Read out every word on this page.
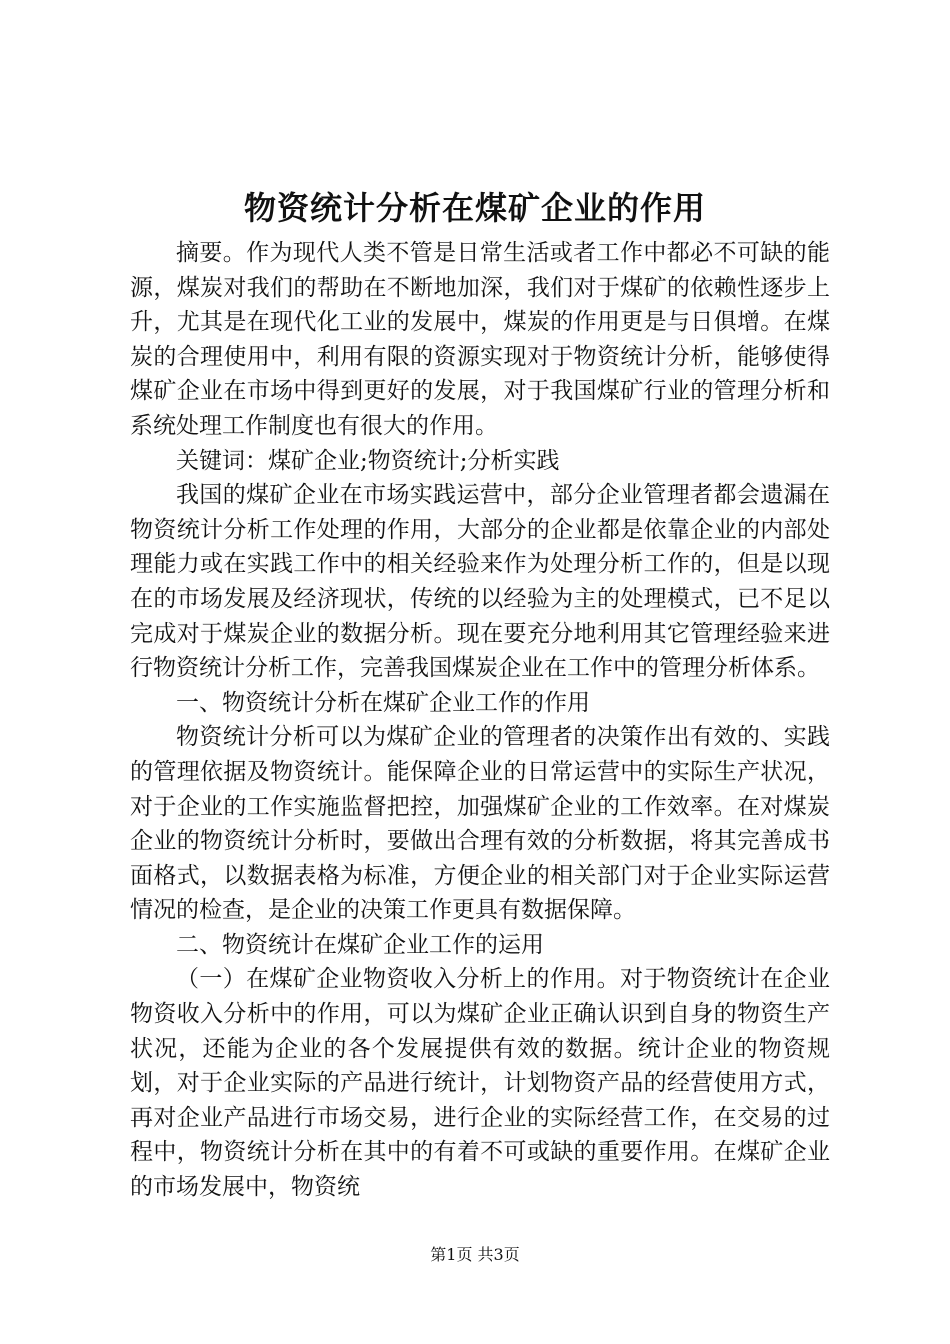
物资统计分析在煤矿企业的作用

摘要。作为现代人类不管是日常生活或者工作中都必不可缺的能源，煤炭对我们的帮助在不断地加深，我们对于煤矿的依赖性逐步上升，尤其是在现代化工业的发展中，煤炭的作用更是与日俱增。在煤炭的合理使用中，利用有限的资源实现对于物资统计分析，能够使得煤矿企业在市场中得到更好的发展，对于我国煤矿行业的管理分析和系统处理工作制度也有很大的作用。

关键词：煤矿企业;物资统计;分析实践

我国的煤矿企业在市场实践运营中，部分企业管理者都会遗漏在物资统计分析工作处理的作用，大部分的企业都是依靠企业的内部处理能力或在实践工作中的相关经验来作为处理分析工作的，但是以现在的市场发展及经济现状，传统的以经验为主的处理模式，已不足以完成对于煤炭企业的数据分析。现在要充分地利用其它管理经验来进行物资统计分析工作，完善我国煤炭企业在工作中的管理分析体系。

一、物资统计分析在煤矿企业工作的作用

物资统计分析可以为煤矿企业的管理者的决策作出有效的、实践的管理依据及物资统计。能保障企业的日常运营中的实际生产状况，对于企业的工作实施监督把控，加强煤矿企业的工作效率。在对煤炭企业的物资统计分析时，要做出合理有效的分析数据，将其完善成书面格式，以数据表格为标准，方便企业的相关部门对于企业实际运营情况的检查，是企业的决策工作更具有数据保障。

二、物资统计在煤矿企业工作的运用

（一）在煤矿企业物资收入分析上的作用。对于物资统计在企业物资收入分析中的作用，可以为煤矿企业正确认识到自身的物资生产状况，还能为企业的各个发展提供有效的数据。统计企业的物资规划，对于企业实际的产品进行统计，计划物资产品的经营使用方式，再对企业产品进行市场交易，进行企业的实际经营工作，在交易的过程中，物资统计分析在其中的有着不可或缺的重要作用。在煤矿企业的市场发展中，物资统

第1页 共3页
